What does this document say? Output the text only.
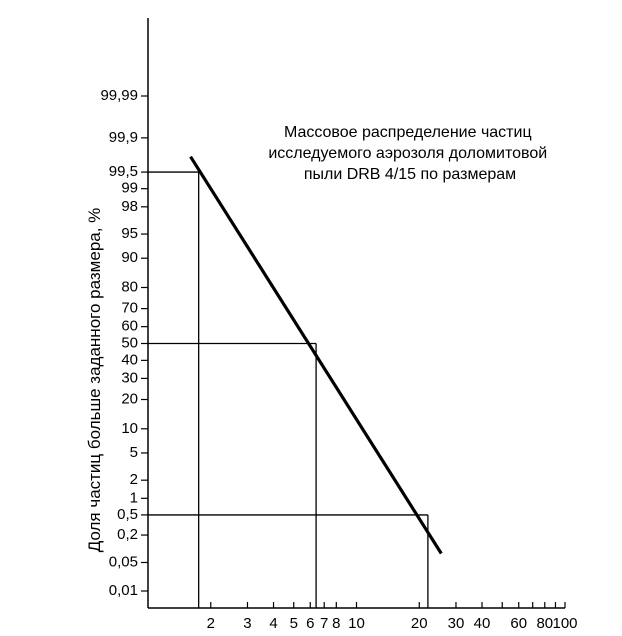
0,01
0,05
0,2
0,5
1
2
5
10
20
30
40
50
60
70
80
90
95
98
99
99,5
99,9
99,99
2 3 4 5 6 7 8 10	20 30 40 60 80 100
Доля частиц больше заданного размера, %
Массовое распределение частиц исследуемого аэрозоля доломитовой пыли DRB 4/15 по размерам
